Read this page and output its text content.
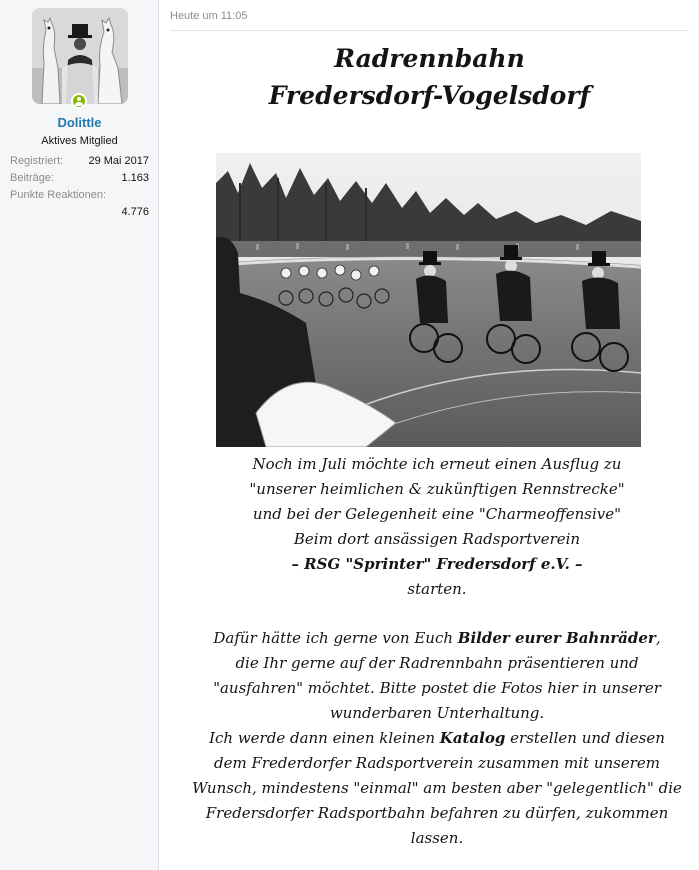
Dolittle
Aktives Mitglied
Registriert: 29 Mai 2017
Beiträge:	1.163
Punkte Reaktionen:
4.776
Heute um 11:05
Radrennbahn
Fredersdorf-Vogelsdorf
Noch im Juli möchte ich erneut einen Ausflug zu
"unserer heimlichen & zukünftigen Rennstrecke"
und bei der Gelegenheit eine "Charmeoffensive"
Beim dort ansässigen Radsportverein
– RSG "Sprinter" Fredersdorf e.V. –
starten.
Dafür hätte ich gerne von Euch Bilder eurer Bahnräder,
die Ihr gerne auf der Radrennbahn präsentieren und
"ausfahren" möchtet. Bitte postet die Fotos hier in unserer
wunderbaren Unterhaltung.
Ich werde dann einen kleinen Katalog erstellen und diesen
dem Frederdorfer Radsportverein zusammen mit unserem
Wunsch, mindestens "einmal" am besten aber "gelegentlich" die
Fredersdorfer Radsportbahn befahren zu dürfen, zukommen
lassen.
